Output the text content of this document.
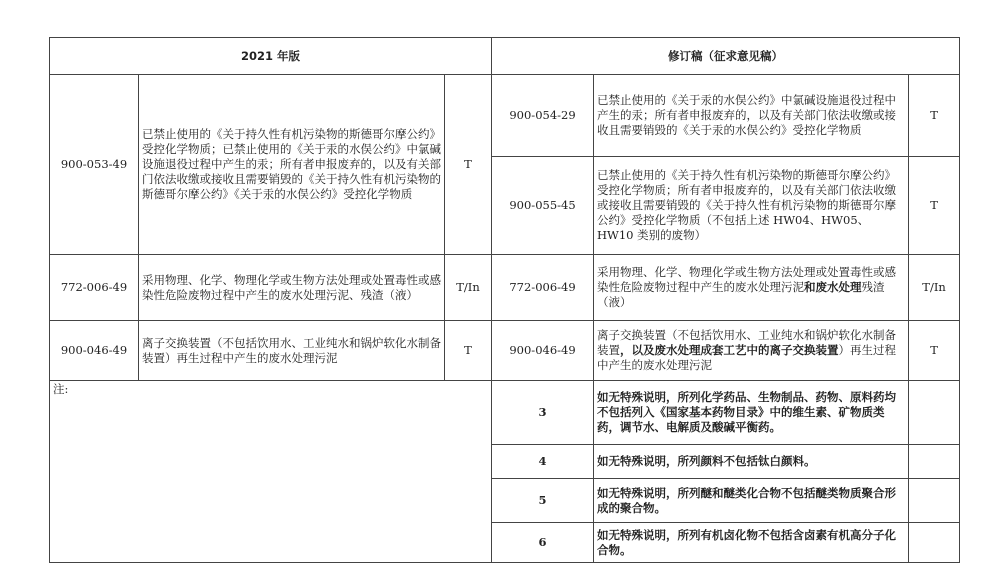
2021 年版			修订稿（征求意见稿）		
900-053-49	已禁止使用的《关于持久性有机污染物的斯德哥尔摩公约》受控化学物质；已禁止使用的《关于汞的水俣公约》中氯碱设施退役过程中产生的汞；所有者申报废弃的，以及有关部门依法收缴或接收且需要销毁的《关于持久性有机污染物的斯德哥尔摩公约》《关于汞的水俣公约》受控化学物质	T	900-054-29	已禁止使用的《关于汞的水俣公约》中氯碱设施退役过程中产生的汞；所有者申报废弃的，以及有关部门依法收缴或接收且需要销毁的《关于汞的水俣公约》受控化学物质	T
			900-055-45	已禁止使用的《关于持久性有机污染物的斯德哥尔摩公约》受控化学物质；所有者申报废弃的，以及有关部门依法收缴或接收且需要销毁的《关于持久性有机污染物的斯德哥尔摩公约》受控化学物质（不包括上述 HW04、HW05、HW10 类别的废物）	T
772-006-49	采用物理、化学、物理化学或生物方法处理或处置毒性或感染性危险废物过程中产生的废水处理污泥、残渣（液）	T/In	772-006-49	采用物理、化学、物理化学或生物方法处理或处置毒性或感染性危险废物过程中产生的废水处理污泥和废水处理残渣（液）	T/In
900-046-49	离子交换装置（不包括饮用水、工业纯水和锅炉软化水制备装置）再生过程中产生的废水处理污泥	T	900-046-49	离子交换装置（不包括饮用水、工业纯水和锅炉软化水制备装置，以及废水处理成套工艺中的离子交换装置）再生过程中产生的废水处理污泥	T
注:			3	如无特殊说明，所列化学药品、生物制品、药物、原料药均不包括列入《国家基本药物目录》中的维生素、矿物质类药，调节水、电解质及酸碱平衡药。	
			4	如无特殊说明，所列颜料不包括钛白颜料。	
			5	如无特殊说明，所列醚和醚类化合物不包括醚类物质聚合形成的聚合物。	
			6	如无特殊说明，所列有机卤化物不包括含卤素有机高分子化合物。	
